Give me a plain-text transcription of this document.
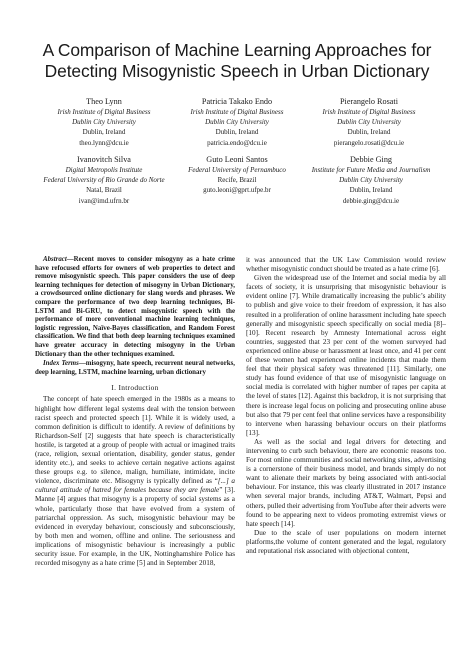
A Comparison of Machine Learning Approaches for Detecting Misogynistic Speech in Urban Dictionary
Theo Lynn
Irish Institute of Digital Business
Dublin City University
Dublin, Ireland
theo.lynn@dcu.ie
Patricia Takako Endo
Irish Institute of Digital Business
Dublin City University
Dublin, Ireland
patricia.endo@dcu.ie
Pierangelo Rosati
Irish Institute of Digital Business
Dublin City University
Dublin, Ireland
pierangelo.rosati@dcu.ie
Ivanovitch Silva
Digital Metropolis Institute
Federal University of Rio Grande do Norte
Natal, Brazil
ivan@imd.ufrn.br
Guto Leoni Santos
Federal University of Pernambuco
Recife, Brazil
guto.leoni@gprt.ufpe.br
Debbie Ging
Institute for Future Media and Journalism
Dublin City University
Dublin, Ireland
debbie.ging@dcu.ie

Abstract—Recent moves to consider misogyny as a hate crime have refocused efforts for owners of web properties to detect and remove misogynistic speech. This paper considers the use of deep learning techniques for detection of misogyny in Urban Dictionary, a crowdsourced online dictionary for slang words and phrases. We compare the performance of two deep learning techniques, Bi-LSTM and Bi-GRU, to detect misogynistic speech with the performance of more conventional machine learning techniques, logistic regression, Naïve-Bayes classification, and Random Forest classification. We find that both deep learning techniques examined have greater accuracy in detecting misogyny in the Urban Dictionary than the other techniques examined.

Index Terms—misogyny, hate speech, recurrent neural networks, deep learning, LSTM, machine learning, urban dictionary

I. Introduction

The concept of hate speech emerged in the 1980s as a means to highlight how different legal systems deal with the tension between racist speech and protected speech [1]. While it is widely used, a common definition is difficult to identify. A review of definitions by Richardson-Self [2] suggests that hate speech is characteristically hostile, is targeted at a group of people with actual or imagined traits (race, religion, sexual orientation, disability, gender status, gender identity etc.), and seeks to achieve certain negative actions against these groups e.g. to silence, malign, humiliate, intimidate, incite violence, discriminate etc. Misogyny is typically defined as “[...] a cultural attitude of hatred for females because they are female” [3]. Manne [4] argues that misogyny is a property of social systems as a whole, particularly those that have evolved from a system of patriarchal oppression. As such, misogynistic behaviour may be evidenced in everyday behaviour, consciously and subconsciously, by both men and women, offline and online. The seriousness and implications of misogynistic behaviour is increasingly a public security issue. For example, in the UK, Nottinghamshire Police has recorded misogyny as a hate crime [5] and in September 2018,

it was announced that the UK Law Commission would review whether misogynistic conduct should be treated as a hate crime [6].

Given the widespread use of the Internet and social media by all facets of society, it is unsurprising that misogynistic behaviour is evident online [7]. While dramatically increasing the public’s ability to publish and give voice to their freedom of expression, it has also resulted in a proliferation of online harassment including hate speech generally and misogynistic speech specifically on social media [8]–[10]. Recent research by Amnesty International across eight countries, suggested that 23 per cent of the women surveyed had experienced online abuse or harassment at least once, and 41 per cent of these women had experienced online incidents that made them feel that their physical safety was threatened [11]. Similarly, one study has found evidence of that use of misogynistic language on social media is correlated with higher number of rapes per capita at the level of states [12]. Against this backdrop, it is not surprising that there is increase legal focus on policing and prosecuting online abuse but also that 79 per cent feel that online services have a responsibility to intervene when harassing behaviour occurs on their platforms [13].

As well as the social and legal drivers for detecting and intervening to curb such behaviour, there are economic reasons too. For most online communities and social networking sites, advertising is a cornerstone of their business model, and brands simply do not want to alienate their markets by being associated with anti-social behaviour. For instance, this was clearly illustrated in 2017 instance when several major brands, including AT&T, Walmart, Pepsi and others, pulled their advertising from YouTube after their adverts were found to be appearing next to videos promoting extremist views or hate speech [14].

Due to the scale of user populations on modern internet platforms,the volume of content generated and the legal, regulatory and reputational risk associated with objectional content,
